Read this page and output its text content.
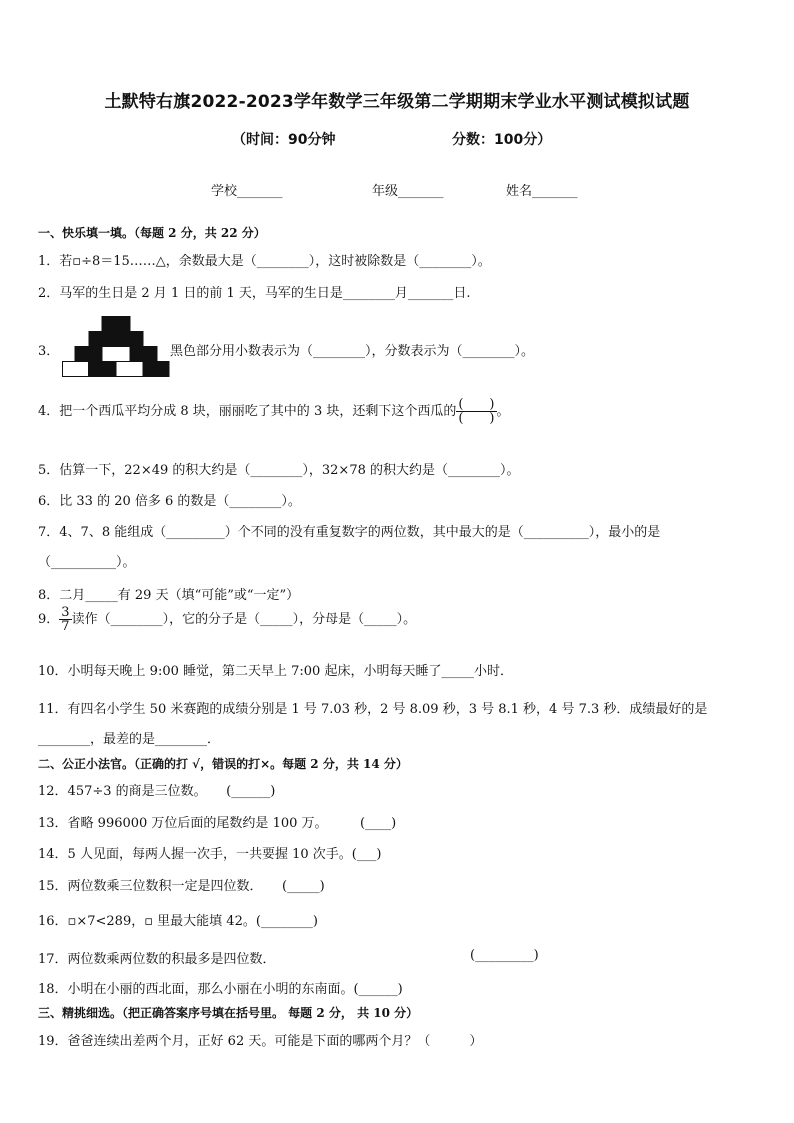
土默特右旗2022-2023学年数学三年级第二学期期末学业水平测试模拟试题
（时间：90分钟	分数：100分）
学校_______	年级_______	姓名_______
一、快乐填一填。（每题 2 分，共 22 分）
1．若▫÷8＝15……△，余数最大是（________），这时被除数是（________）。
2．马军的生日是 2 月 1 日的前 1 天，马军的生日是________月_______日.
3．	黑色部分用小数表示为（________），分数表示为（________）。
4．把一个西瓜平均分成 8 块，丽丽吃了其中的 3 块，还剩下这个西瓜的 $\frac{( )}{( )}$ 。
5．估算一下，22×49 的积大约是（________），32×78 的积大约是（________）。
6．比 33 的 20 倍多 6 的数是（________）。
7．4、7、8 能组成（_________）个不同的没有重复数字的两位数，其中最大的是（__________），最小的是
（__________）。
8．二月_____有 29 天（填“可能”或“一定”）
9． $\frac{3}{7}$ 读作（________），它的分子是（_____），分母是（_____）。
10．小明每天晚上 9:00 睡觉，第二天早上 7:00 起床，小明每天睡了_____小时．
11．有四名小学生 50 米赛跑的成绩分别是 1 号 7.03 秒，2 号 8.09 秒，3 号 8.1 秒，4 号 7.3 秒．成绩最好的是
________，最差的是________．
二、公正小法官。（正确的打 √，错误的打×。每题 2 分，共 14 分）
12．457÷3 的商是三位数。　　(______)
13．省略 996000 万位后面的尾数约是 100 万。　　　(____)
14．5 人见面，每两人握一次手，一共要握 10 次手。(___)
15．两位数乘三位数积一定是四位数．　　(_____)
16．▫×7<289，▫ 里最大能填 42。(________)
17．两位数乘两位数的积最多是四位数．	(_________)
18．小明在小丽的西北面，那么小丽在小明的东南面。(______)
三、精挑细选。（把正确答案序号填在括号里。 每题 2 分， 共 10 分）
19．爸爸连续出差两个月，正好 62 天。可能是下面的哪两个月？（　　　）
